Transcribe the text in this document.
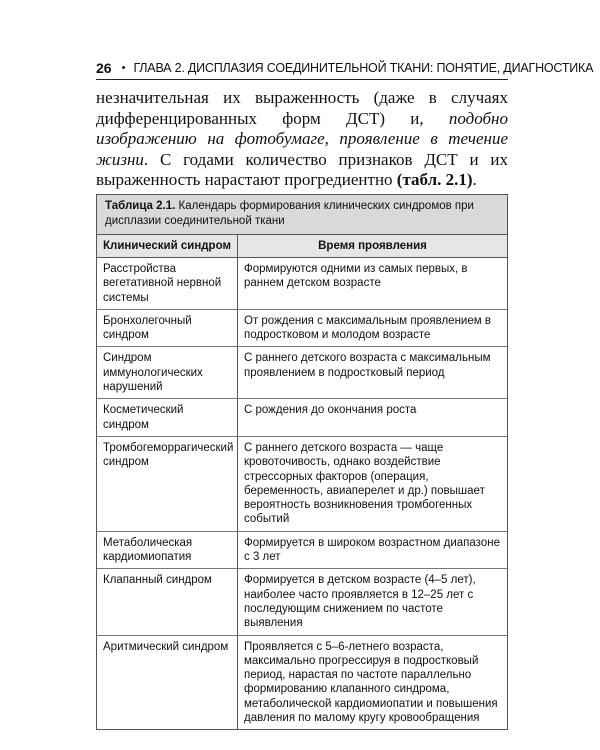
26 • ГЛАВА 2. ДИСПЛАЗИЯ СОЕДИНИТЕЛЬНОЙ ТКАНИ: ПОНЯТИЕ, ДИАГНОСТИКА
незначительная их выраженность (даже в случаях дифференцированных форм ДСТ) и, подобно изображению на фотобумаге, проявление в течение жизни. С годами количество признаков ДСТ и их выраженность нарастают прогредиентно (табл. 2.1).
Таблица 2.1. Календарь формирования клинических синдромов при дисплазии соединительной ткани
Клинический синдром	Время проявления
Расстройства вегетативной нервной системы	Формируются одними из самых первых, в раннем детском возрасте
Бронхолегочный синдром	От рождения с максимальным проявлением в подростковом и молодом возрасте
Синдром иммунологических нарушений	С раннего детского возраста с максимальным проявлением в подростковый период
Косметический синдром	С рождения до окончания роста
Тромбогеморрагический синдром	С раннего детского возраста — чаще кровоточивость, однако воздействие стрессорных факторов (операция, беременность, авиаперелет и др.) повышает вероятность возникновения тромбогенных событий
Метаболическая кардиомиопатия	Формируется в широком возрастном диапазоне с 3 лет
Клапанный синдром	Формируется в детском возрасте (4–5 лет), наиболее часто проявляется в 12–25 лет с последующим снижением по частоте выявления
Аритмический синдром	Проявляется с 5–6-летнего возраста, максимально прогрессируя в подростковый период, нарастая по частоте параллельно формированию клапанного синдрома, метаболической кардиомиопатии и повышения давления по малому кругу кровообращения
